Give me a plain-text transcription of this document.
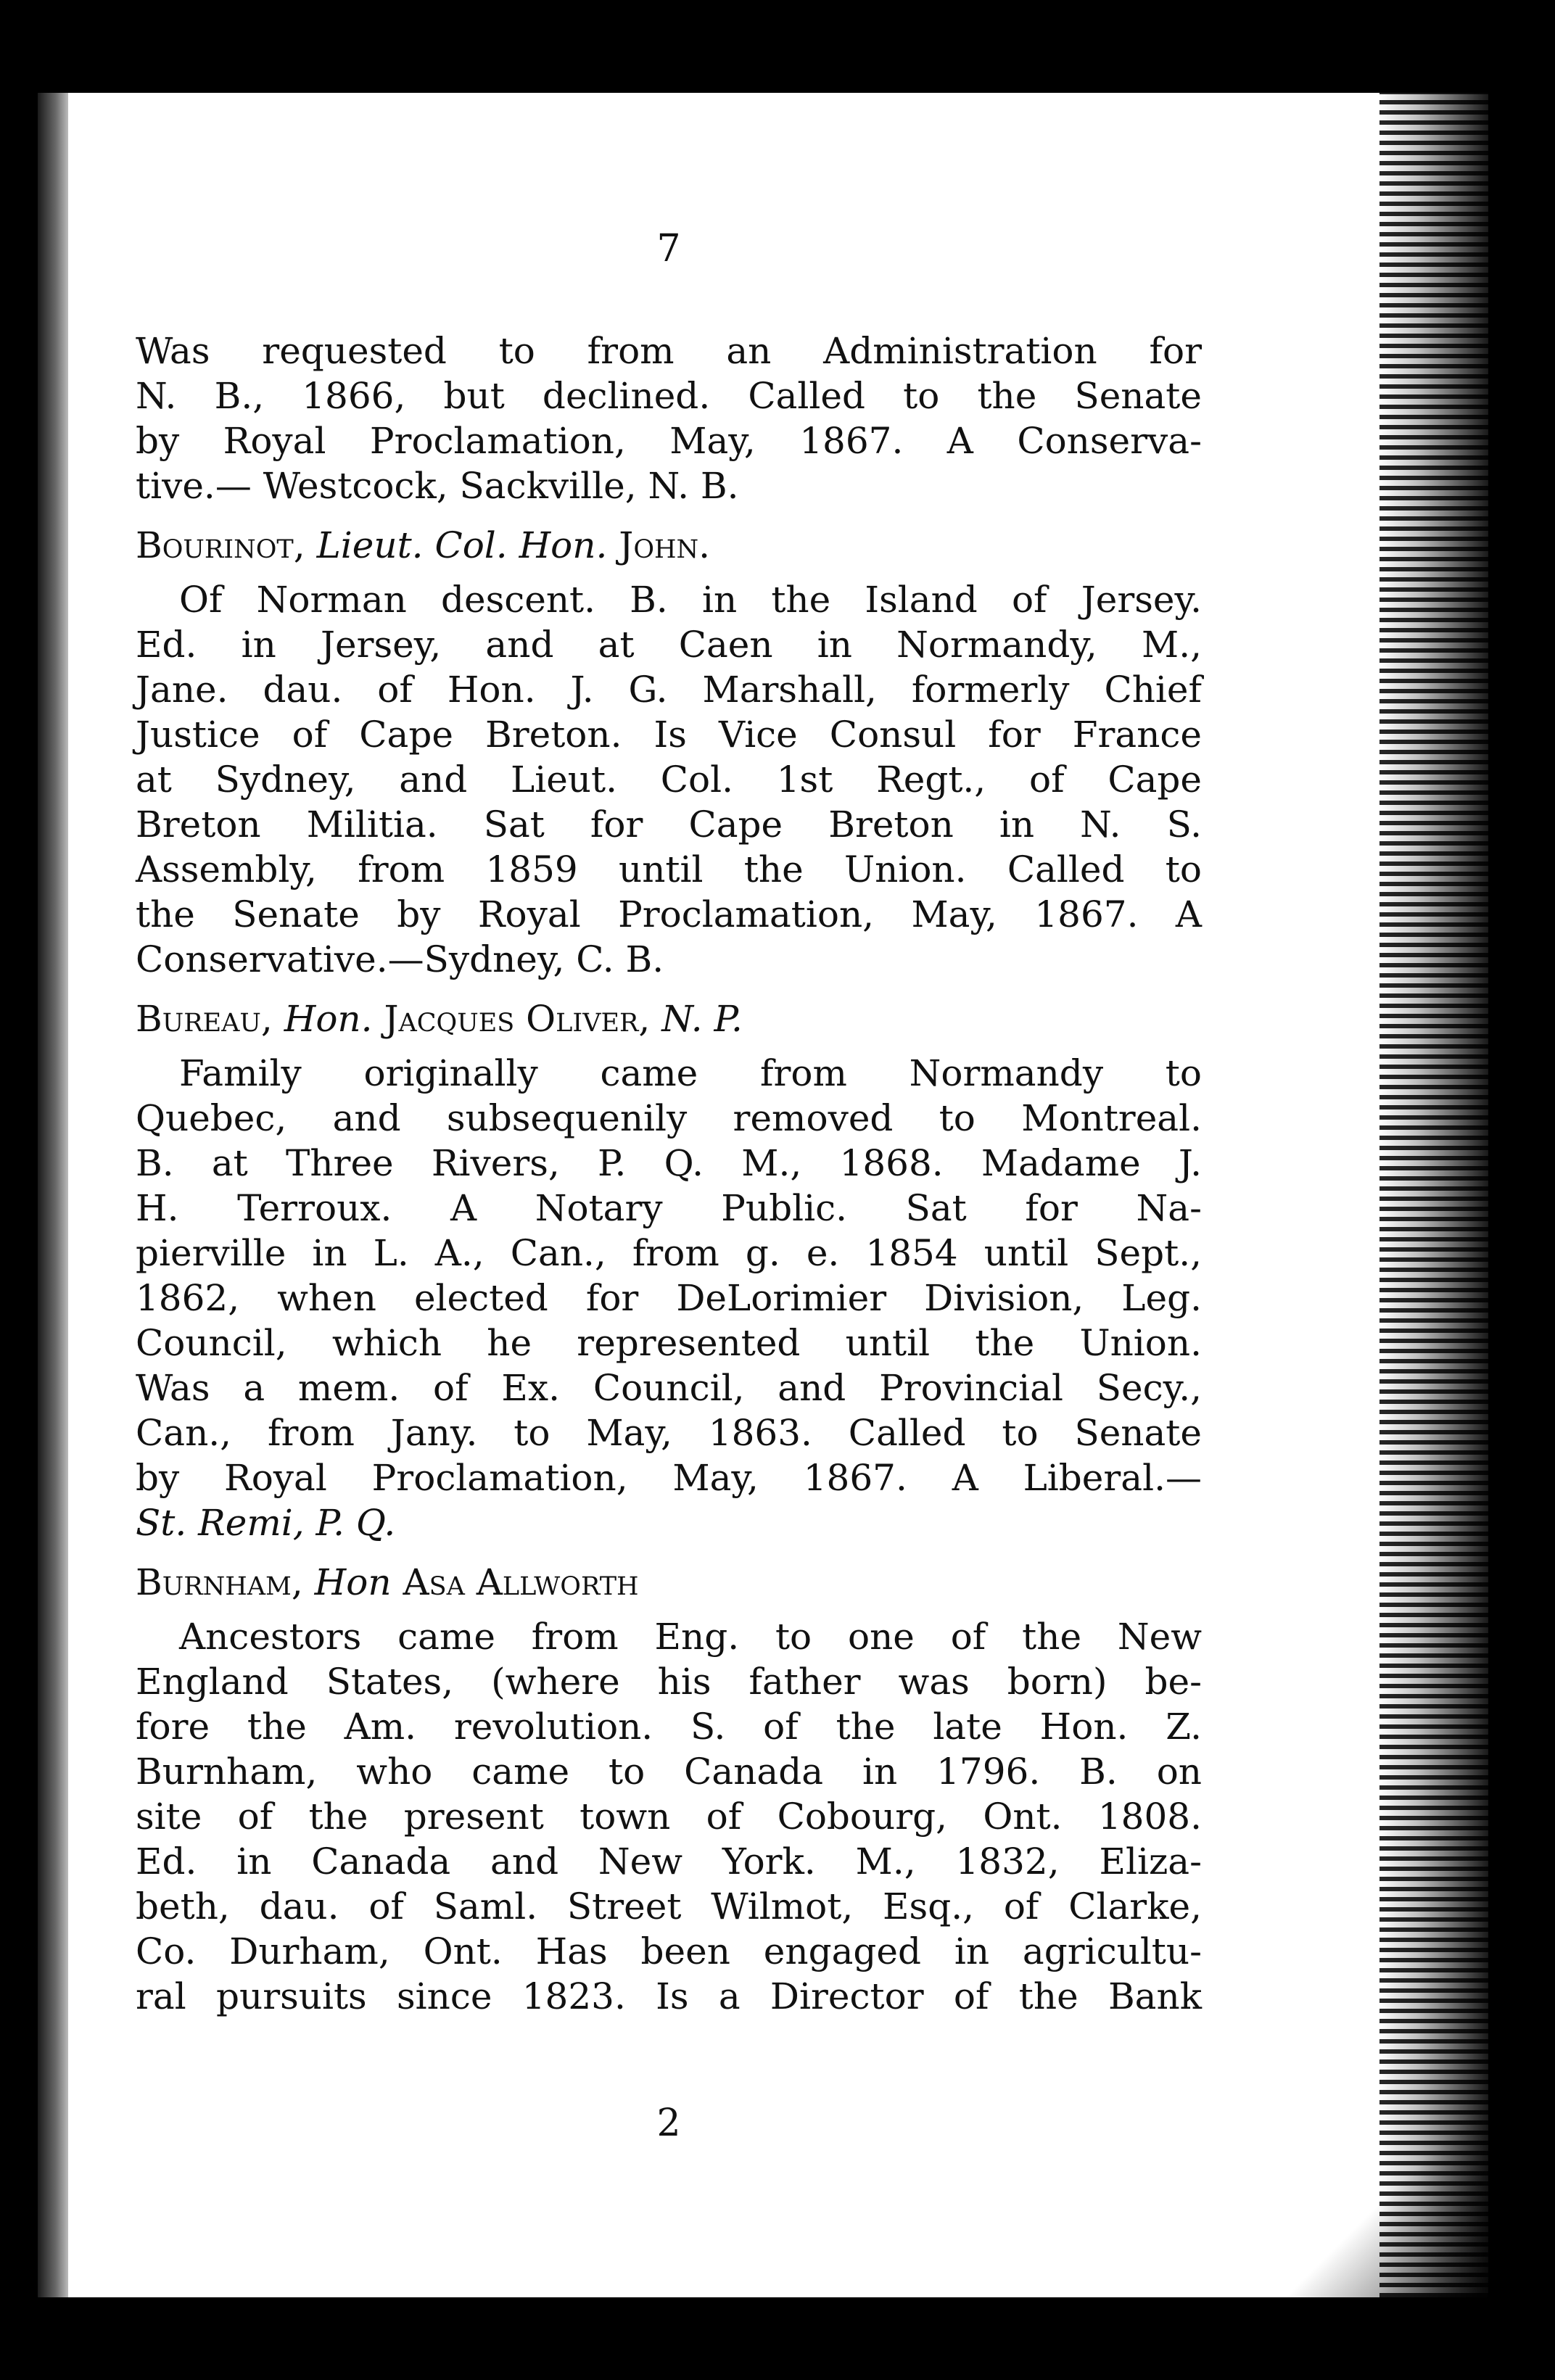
7
Was requested to from an Administration for
N. B., 1866, but declined. Called to the Senate
by Royal Proclamation, May, 1867. A Conserva-
tive.— Westcock, Sackville, N. B.
Bourinot, Lieut. Col. Hon. John.
Of Norman descent. B. in the Island of Jersey.
Ed. in Jersey, and at Caen in Normandy, M.,
Jane. dau. of Hon. J. G. Marshall, formerly Chief
Justice of Cape Breton. Is Vice Consul for France
at Sydney, and Lieut. Col. 1st Regt., of Cape
Breton Militia. Sat for Cape Breton in N. S.
Assembly, from 1859 until the Union. Called to
the Senate by Royal Proclamation, May, 1867. A
Conservative.—Sydney, C. B.
Bureau, Hon. Jacques Oliver, N. P.
Family originally came from Normandy to
Quebec, and subsequenily removed to Montreal.
B. at Three Rivers, P. Q. M., 1868. Madame J.
H. Terroux. A Notary Public. Sat for Na-
pierville in L. A., Can., from g. e. 1854 until Sept.,
1862, when elected for DeLorimier Division, Leg.
Council, which he represented until the Union.
Was a mem. of Ex. Council, and Provincial Secy.,
Can., from Jany. to May, 1863. Called to Senate
by Royal Proclamation, May, 1867. A Liberal.—
St. Remi, P. Q.
Burnham, Hon Asa Allworth
Ancestors came from Eng. to one of the New
England States, (where his father was born) be-
fore the Am. revolution. S. of the late Hon. Z.
Burnham, who came to Canada in 1796. B. on
site of the present town of Cobourg, Ont. 1808.
Ed. in Canada and New York. M., 1832, Eliza-
beth, dau. of Saml. Street Wilmot, Esq., of Clarke,
Co. Durham, Ont. Has been engaged in agricultu-
ral pursuits since 1823. Is a Director of the Bank
2
